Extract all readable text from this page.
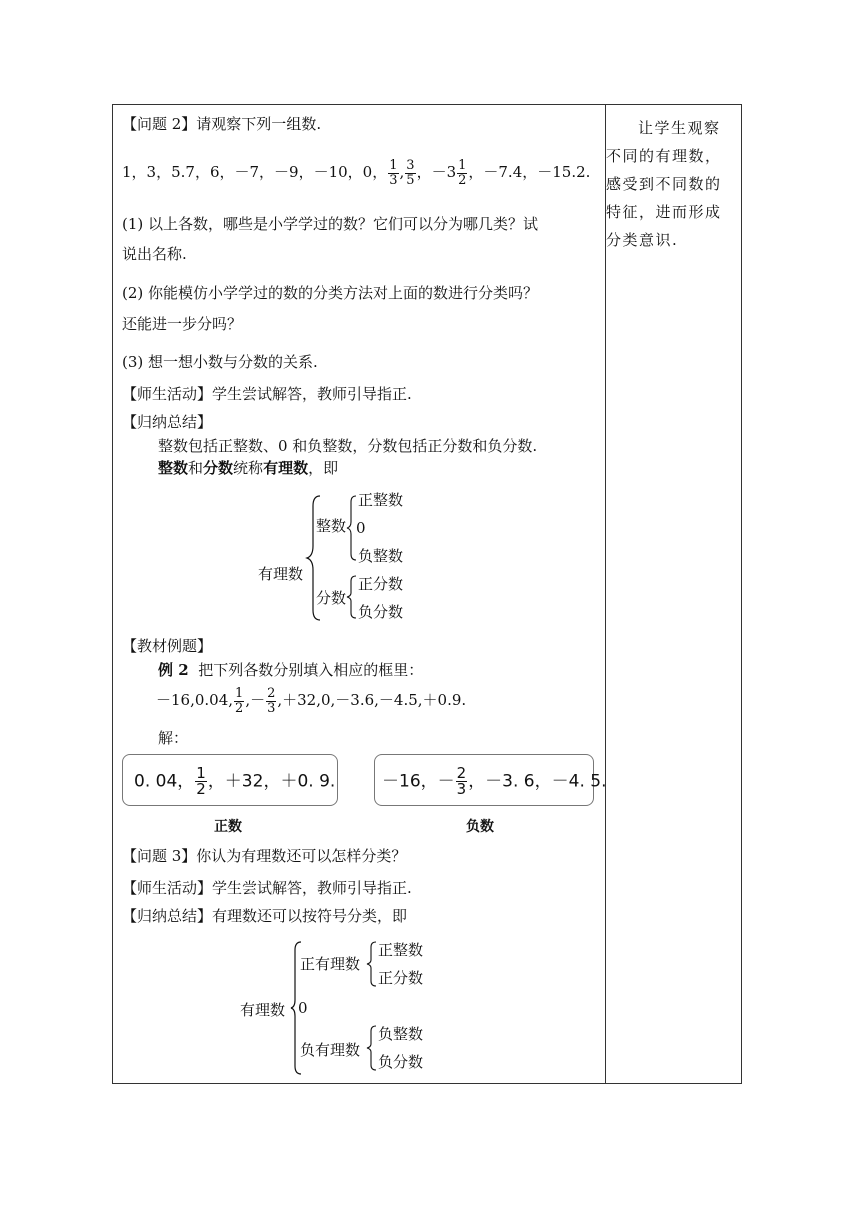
【问题 2】请观察下列一组数.
1，3，5.7，6，－7，－9，－10，0， $\frac{1}{3}$ , $\frac{3}{5}$ ，$-3 \frac{1}{2}$ ，－7.4，－15.2.
(1) 以上各数，哪些是小学学过的数？它们可以分为哪几类？试
说出名称.
(2) 你能模仿小学学过的数的分类方法对上面的数进行分类吗？
还能进一步分吗？
(3) 想一想小数与分数的关系.
【师生活动】学生尝试解答，教师引导指正.
【归纳总结】
整数包括正整数、0 和负整数，分数包括正分数和负分数.
整数和分数统称有理数，即
有理数
整数
正整数
0
负整数
分数
正分数
负分数
【教材例题】
例 2 把下列各数分别填入相应的框里：
－16,0.04, $\frac{1}{2}$ ,－ $\frac{2}{3} ,+32,0,-3.6,-4.5,+0.9$.
解：
0. 04， $\frac{1}{2}$ ，＋32，＋0. 9.
正数
－16，－ $\frac{2}{3}$ ，－3. 6，－4. 5.
负数
【问题 3】你认为有理数还可以怎样分类？
【师生活动】学生尝试解答，教师引导指正.
【归纳总结】有理数还可以按符号分类，即
有理数
正有理数
正整数
正分数
0
负有理数
负整数
负分数
让学生观察
不同的有理数，
感受到不同数的
特征，进而形成
分类意识.
